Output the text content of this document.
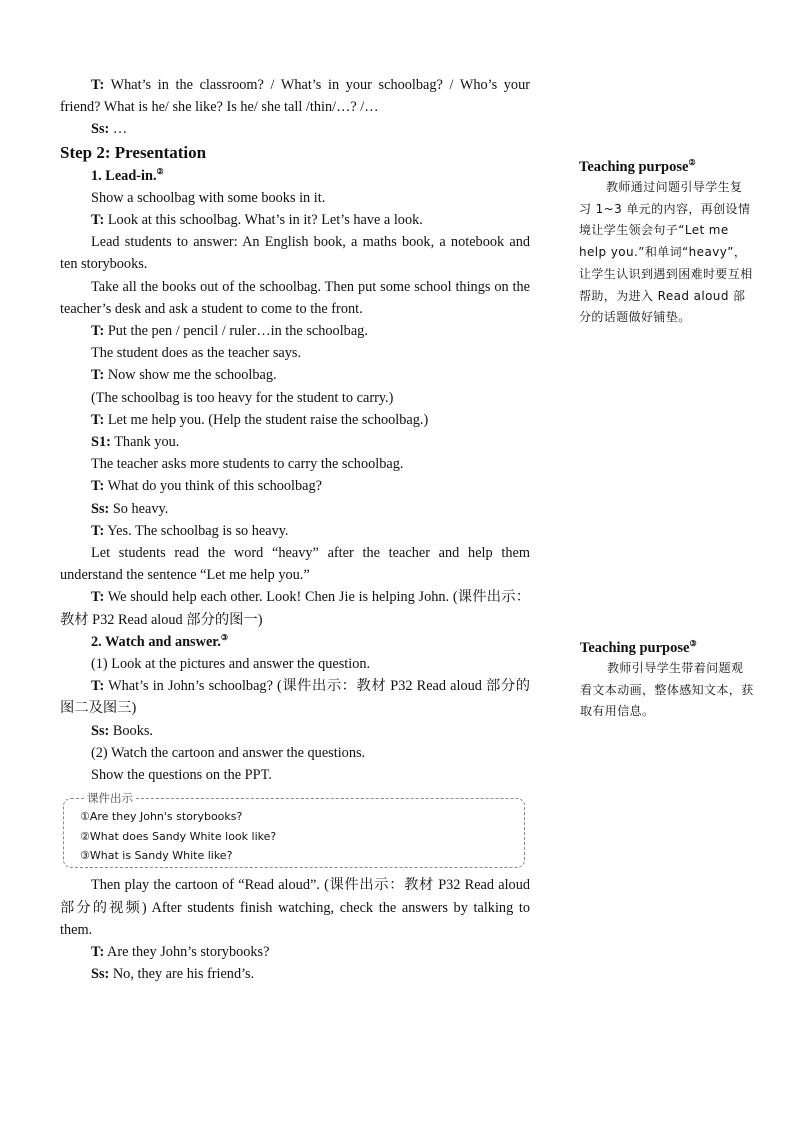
T: What’s in the classroom? / What’s in your schoolbag? / Who’s your friend? What is he/ she like? Is he/ she tall /thin/…? /…
Ss: …
Step 2: Presentation
1. Lead-in.②
Show a schoolbag with some books in it.
T: Look at this schoolbag. What’s in it? Let’s have a look.
Lead students to answer: An English book, a maths book, a notebook and ten storybooks.
Take all the books out of the schoolbag. Then put some school things on the teacher’s desk and ask a student to come to the front.
T: Put the pen / pencil / ruler…in the schoolbag.
The student does as the teacher says.
T: Now show me the schoolbag.
(The schoolbag is too heavy for the student to carry.)
T: Let me help you. (Help the student raise the schoolbag.)
S1: Thank you.
The teacher asks more students to carry the schoolbag.
T: What do you think of this schoolbag?
Ss: So heavy.
T: Yes. The schoolbag is so heavy.
Let students read the word “heavy” after the teacher and help them understand the sentence “Let me help you.”
T: We should help each other. Look! Chen Jie is helping John. (课件出示：教材 P32 Read aloud 部分的图一)
2. Watch and answer.③
(1) Look at the pictures and answer the question.
T: What’s in John’s schoolbag? (课件出示：教材 P32 Read aloud 部分的图二及图三)
Ss: Books.
(2) Watch the cartoon and answer the questions.
Show the questions on the PPT.
课件出示
①Are they John's storybooks?
②What does Sandy White look like?
③What is Sandy White like?
Then play the cartoon of “Read aloud”. (课件出示：教材 P32 Read aloud 部分的视频) After students finish watching, check the answers by talking to them.
T: Are they John’s storybooks?
Ss: No, they are his friend’s.
Teaching purpose②
教师通过问题引导学生复习 1~3 单元的内容，再创设情境让学生领会句子“Let me help you.”和单词“heavy”，让学生认识到遇到困难时要互相帮助，为进入 Read aloud 部分的话题做好铺垫。
Teaching purpose③
教师引导学生带着问题观看文本动画，整体感知文本，获取有用信息。
